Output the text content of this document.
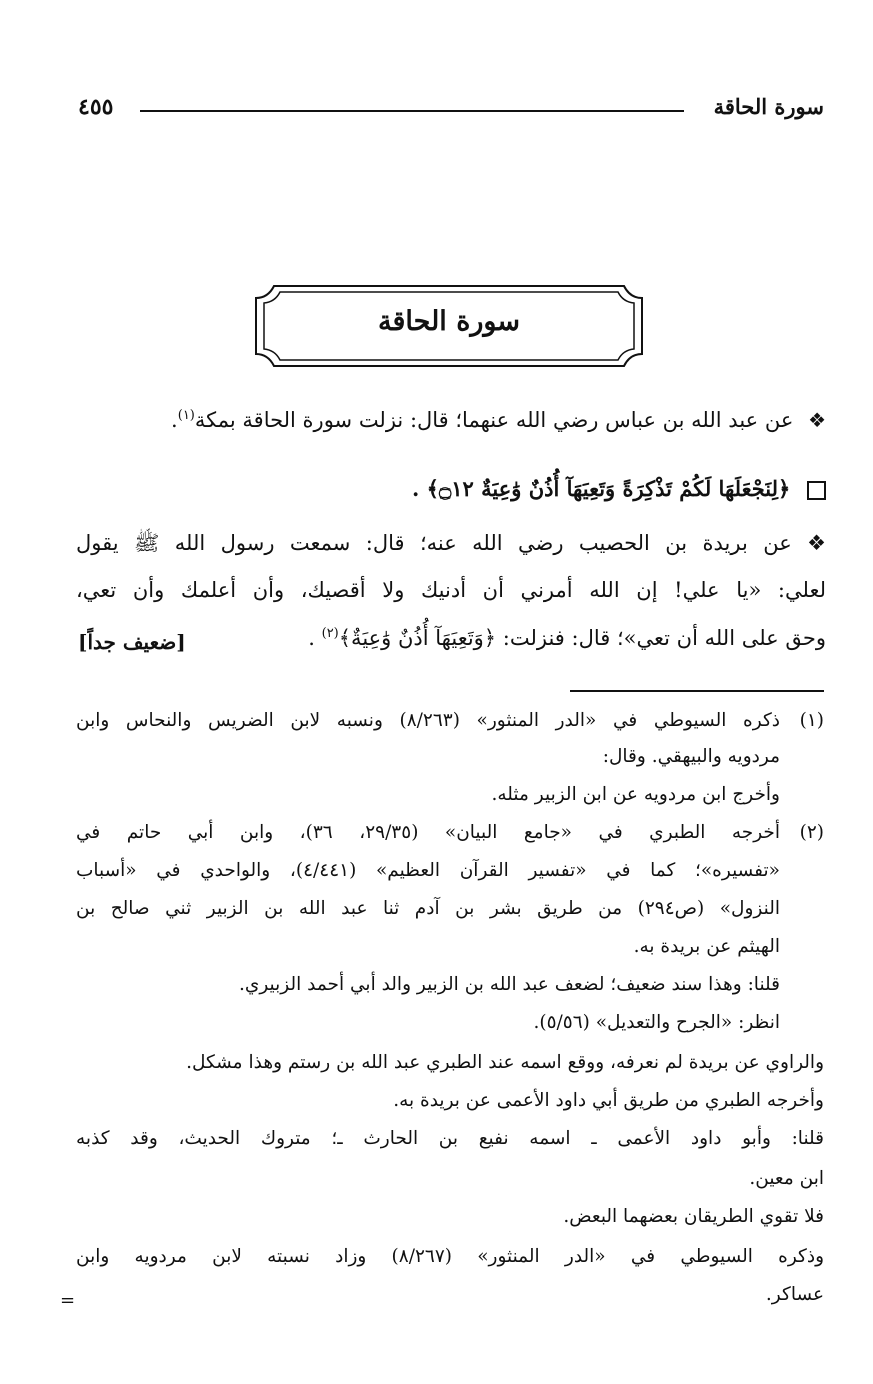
سورة الحاقة
٤٥٥
سورة الحاقة
❖ عن عبد الله بن عباس رضي الله عنهما؛ قال: نزلت سورة الحاقة بمكة$^{(١)}$.
﴿لِنَجْعَلَهَا لَكُمْ تَذْكِرَةً وَتَعِيَهَآ أُذُنٌ وَٰعِيَةٌ ۝١٢﴾ .
❖ عن بريدة بن الحصيب رضي الله عنه؛ قال: سمعت رسول الله ﷺ يقول
لعلي: «يا علي! إن الله أمرني أن أدنيك ولا أقصيك، وأن أعلمك وأن تعي،
وحق على الله أن تعي»؛ قال: فنزلت: ﴿وَتَعِيَهَآ أُذُنٌ وَٰعِيَةٌ﴾$^{(٢)}$ .
[ضعيف جداً]
(١)ذكره السيوطي في «الدر المنثور» (٨/٢٦٣) ونسبه لابن الضريس والنحاس وابن
مردويه والبيهقي. وقال:
وأخرج ابن مردويه عن ابن الزبير مثله.
(٢)أخرجه الطبري في «جامع البيان» (٢٩/٣٥، ٣٦)، وابن أبي حاتم في
«تفسيره»؛ كما في «تفسير القرآن العظيم» (٤/٤٤١)، والواحدي في «أسباب
النزول» (ص٢٩٤) من طريق بشر بن آدم ثنا عبد الله بن الزبير ثني صالح بن
الهيثم عن بريدة به.
قلنا: وهذا سند ضعيف؛ لضعف عبد الله بن الزبير والد أبي أحمد الزبيري.
انظر: «الجرح والتعديل» (٥/٥٦).
والراوي عن بريدة لم نعرفه، ووقع اسمه عند الطبري عبد الله بن رستم وهذا مشكل.
وأخرجه الطبري من طريق أبي داود الأعمى عن بريدة به.
قلنا: وأبو داود الأعمى ـ اسمه نفيع بن الحارث ـ؛ متروك الحديث، وقد كذبه
ابن معين.
فلا تقوي الطريقان بعضهما البعض.
وذكره السيوطي في «الدر المنثور» (٨/٢٦٧) وزاد نسبته لابن مردويه وابن
عساكر.
=
